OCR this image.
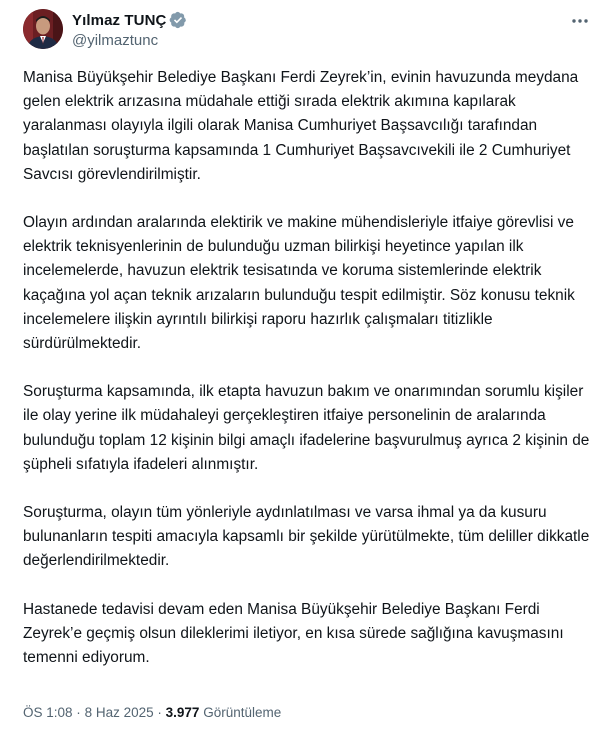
Yılmaz TUNÇ
@yilmaztunc

Manisa Büyükşehir Belediye Başkanı Ferdi Zeyrek’in, evinin havuzunda meydana gelen elektrik arızasına müdahale ettiği sırada elektrik akımına kapılarak yaralanması olayıyla ilgili olarak Manisa Cumhuriyet Başsavcılığı tarafından başlatılan soruşturma kapsamında 1 Cumhuriyet Başsavcıvekili ile 2 Cumhuriyet Savcısı görevlendirilmiştir.

Olayın ardından aralarında elektirik ve makine mühendisleriyle itfaiye görevlisi ve elektrik teknisyenlerinin de bulunduğu uzman bilirkişi heyetince yapılan ilk incelemelerde, havuzun elektrik tesisatında ve koruma sistemlerinde elektrik kaçağına yol açan teknik arızaların bulunduğu tespit edilmiştir. Söz konusu teknik incelemelere ilişkin ayrıntılı bilirkişi raporu hazırlık çalışmaları titizlikle sürdürülmektedir.

Soruşturma kapsamında, ilk etapta havuzun bakım ve onarımından sorumlu kişiler ile olay yerine ilk müdahaleyi gerçekleştiren itfaiye personelinin de aralarında bulunduğu toplam 12 kişinin bilgi amaçlı ifadelerine başvurulmuş ayrıca 2 kişinin de şüpheli sıfatıyla ifadeleri alınmıştır.

Soruşturma, olayın tüm yönleriyle aydınlatılması ve varsa ihmal ya da kusuru bulunanların tespiti amacıyla kapsamlı bir şekilde yürütülmekte, tüm deliller dikkatle değerlendirilmektedir.

Hastanede tedavisi devam eden Manisa Büyükşehir Belediye Başkanı Ferdi Zeyrek’e geçmiş olsun dileklerimi iletiyor, en kısa sürede sağlığına kavuşmasını temenni ediyorum.

ÖS 1:08 · 8 Haz 2025 · 3.977 Görüntüleme
